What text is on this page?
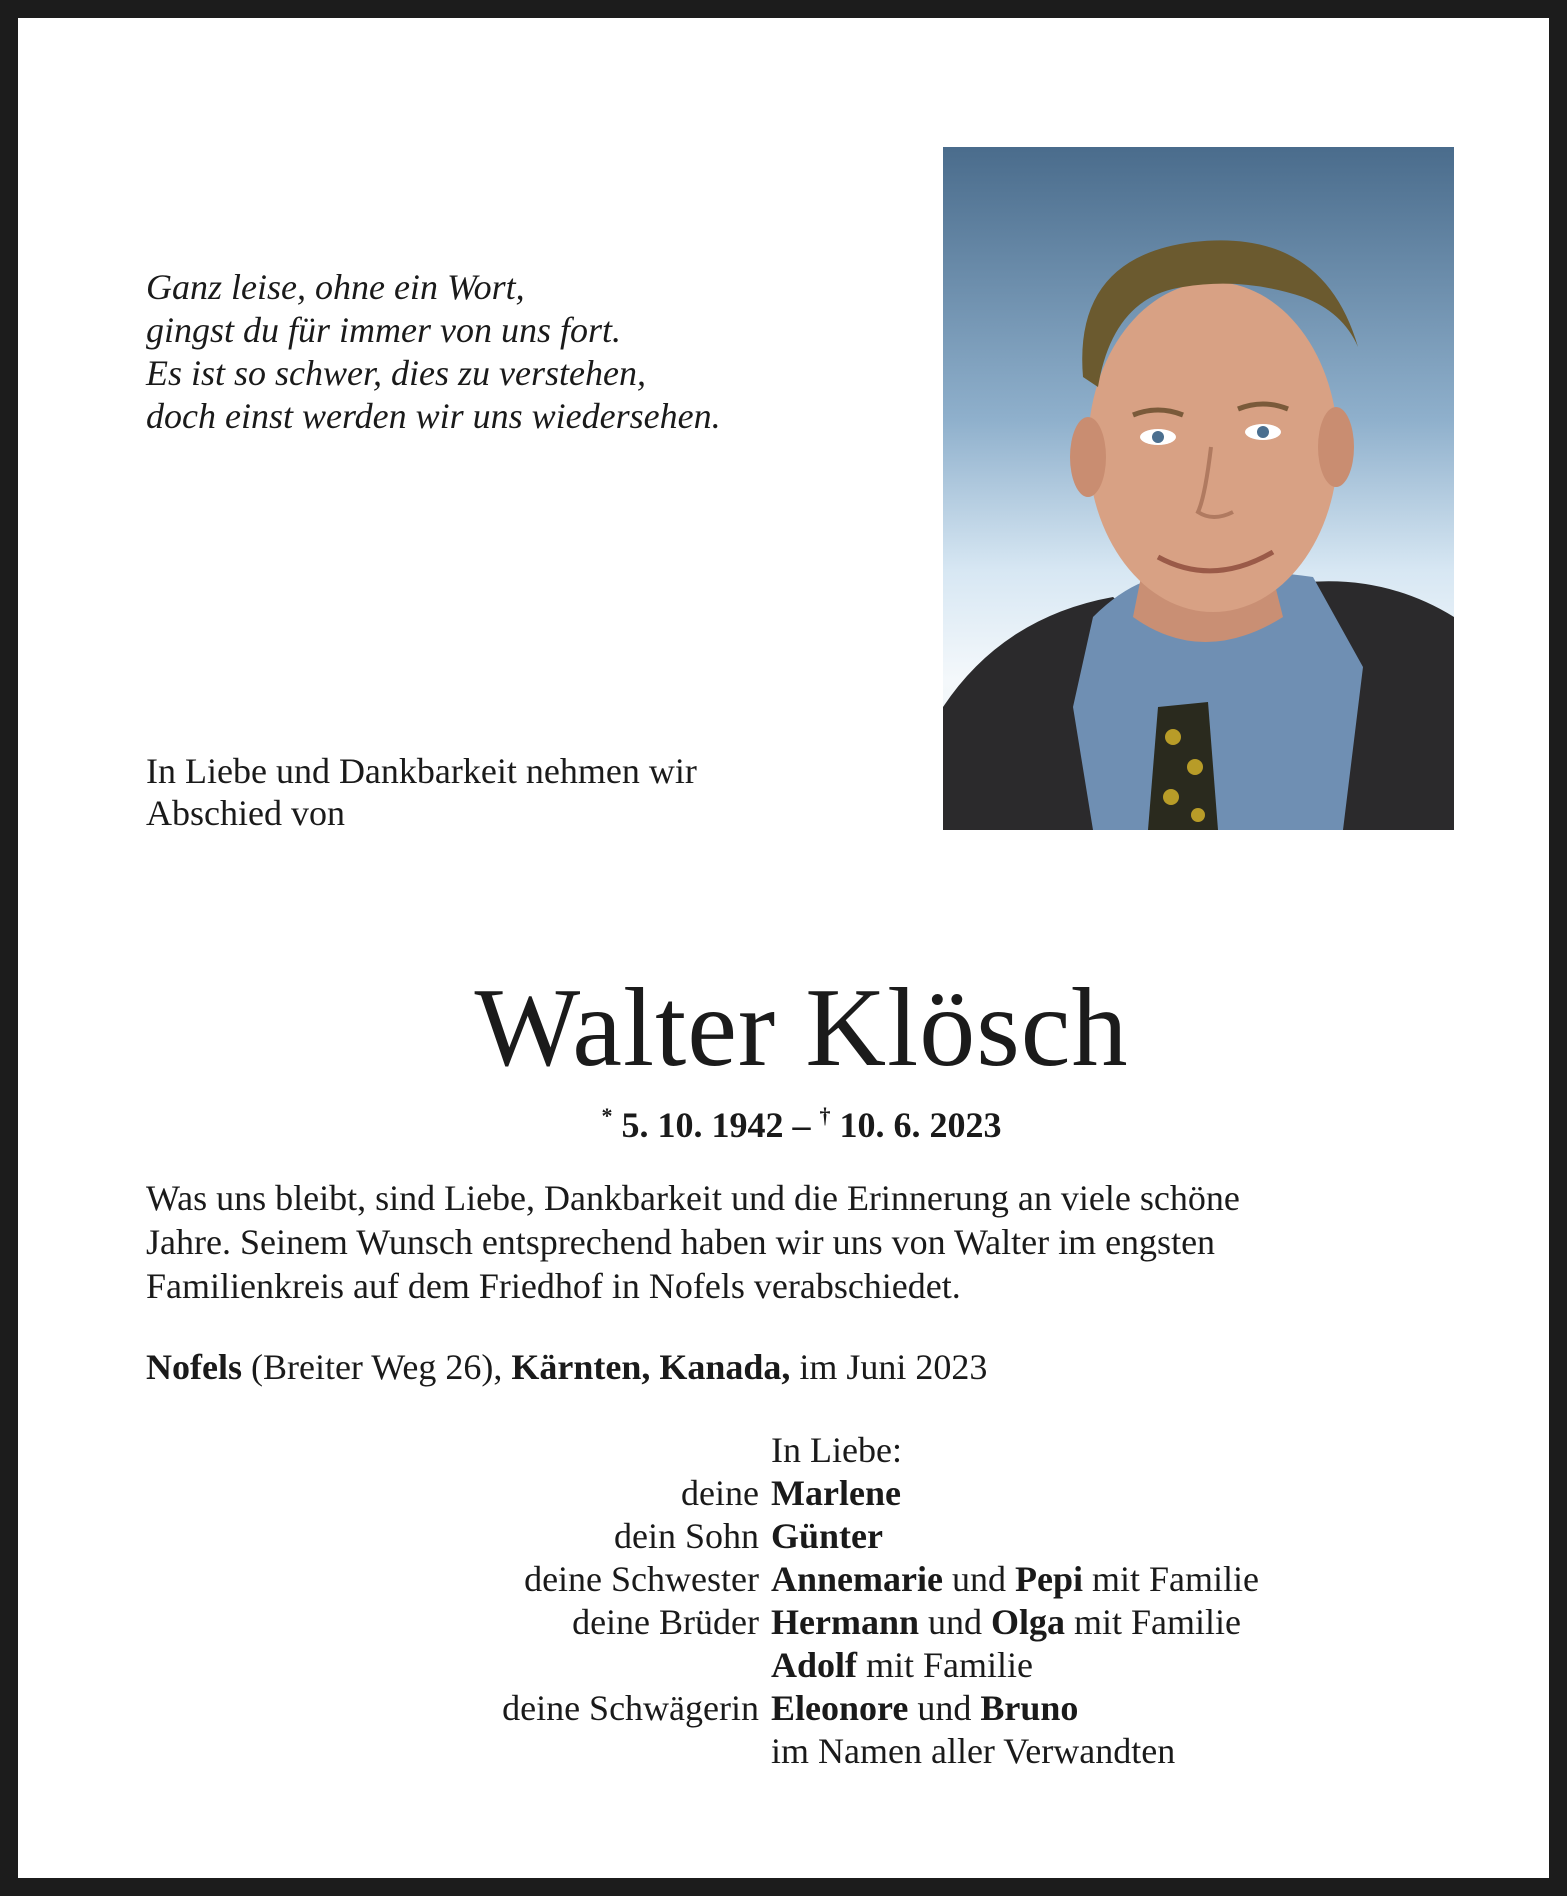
Ganz leise, ohne ein Wort,
gingst du für immer von uns fort.
Es ist so schwer, dies zu verstehen,
doch einst werden wir uns wiedersehen.
In Liebe und Dankbarkeit nehmen wir
Abschied von
Walter Klösch
* 5. 10. 1942 – † 10. 6. 2023
Was uns bleibt, sind Liebe, Dankbarkeit und die Erinnerung an viele schöne
Jahre. Seinem Wunsch entsprechend haben wir uns von Walter im engsten
Familienkreis auf dem Friedhof in Nofels verabschiedet.
Nofels (Breiter Weg 26), Kärnten, Kanada, im Juni 2023
In Liebe:
deine Marlene
dein Sohn Günter
deine Schwester Annemarie und Pepi mit Familie
deine Brüder Hermann und Olga mit Familie
Adolf mit Familie
deine Schwägerin Eleonore und Bruno
im Namen aller Verwandten
